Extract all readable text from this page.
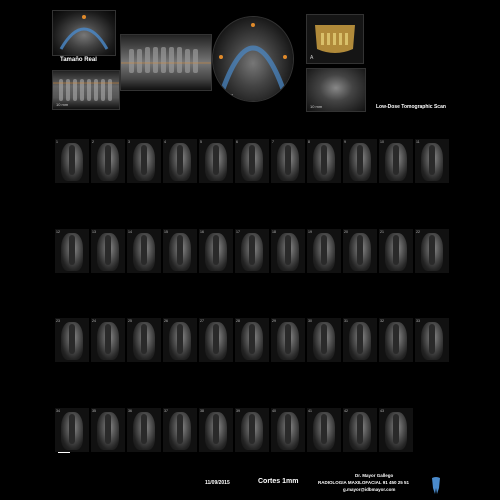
Tamaño Real
10 mm
10 mm
A
10 mm	Low-Dose Tomographic Scan
1	2	3	4	5	6	7	8	9	10	11
12	13	14	15	16	17	18	19	20	21	22
23	24	25	26	27	28	29	30	31	32	33
34	35	36	37	38	39	40	41	42	43
11/09/2015	Cortes 1mm
Dr. Mayor Gallego
RADIOLOGIA MAXILOFACIAL 91 450 25 51
g.mayor@idbmayor.com
